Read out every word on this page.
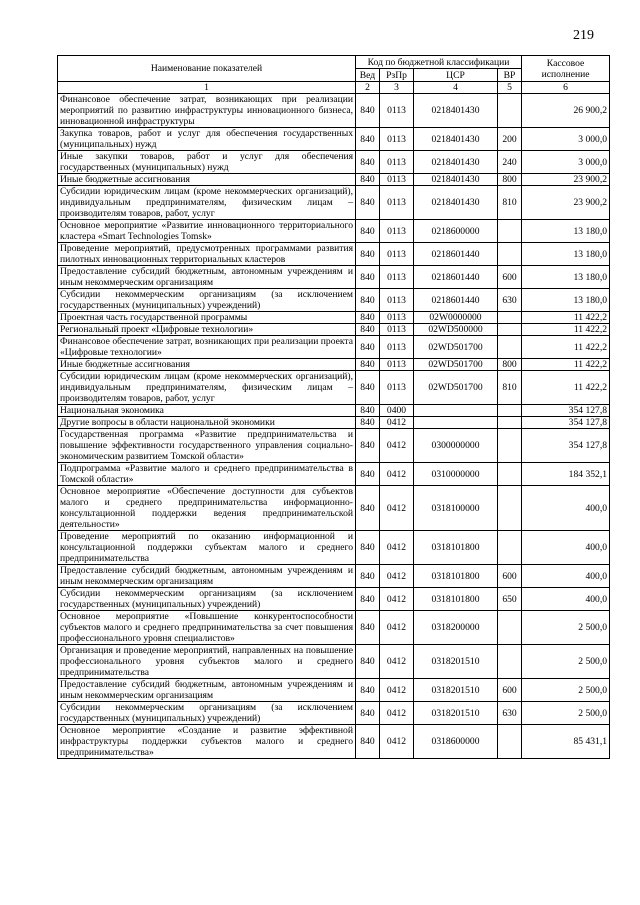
219
Наименование показателей	Код по бюджетной классификации				Кассовое исполнение
	Вед	РзПр	ЦСР	ВР	
1	2	3	4	5	6
Финансовое обеспечение затрат, возникающих при реализации мероприятий по развитию инфраструктуры инновационного бизнеса, инновационной инфраструктуры	840	0113	0218401430		26 900,2
Закупка товаров, работ и услуг для обеспечения государственных (муниципальных) нужд	840	0113	0218401430	200	3 000,0
Иные закупки товаров, работ и услуг для обеспечения государственных (муниципальных) нужд	840	0113	0218401430	240	3 000,0
Иные бюджетные ассигнования	840	0113	0218401430	800	23 900,2
Субсидии юридическим лицам (кроме некоммерческих организаций), индивидуальным предпринимателям, физическим лицам – производителям товаров, работ, услуг	840	0113	0218401430	810	23 900,2
Основное мероприятие «Развитие инновационного территориального кластера «Smart Technologies Tomsk»	840	0113	0218600000		13 180,0
Проведение мероприятий, предусмотренных программами развития пилотных инновационных территориальных кластеров	840	0113	0218601440		13 180,0
Предоставление субсидий бюджетным, автономным учреждениям и иным некоммерческим организациям	840	0113	0218601440	600	13 180,0
Субсидии некоммерческим организациям (за исключением государственных (муниципальных) учреждений)	840	0113	0218601440	630	13 180,0
Проектная часть государственной программы	840	0113	02W0000000		11 422,2
Региональный проект «Цифровые технологии»	840	0113	02WD500000		11 422,2
Финансовое обеспечение затрат, возникающих при реализации проекта «Цифровые технологии»	840	0113	02WD501700		11 422,2
Иные бюджетные ассигнования	840	0113	02WD501700	800	11 422,2
Субсидии юридическим лицам (кроме некоммерческих организаций), индивидуальным предпринимателям, физическим лицам – производителям товаров, работ, услуг	840	0113	02WD501700	810	11 422,2
Национальная экономика	840	0400			354 127,8
Другие вопросы в области национальной экономики	840	0412			354 127,8
Государственная программа «Развитие предпринимательства и повышение эффективности государственного управления социально-экономическим развитием Томской области»	840	0412	0300000000		354 127,8
Подпрограмма «Развитие малого и среднего предпринимательства в Томской области»	840	0412	0310000000		184 352,1
Основное мероприятие «Обеспечение доступности для субъектов малого и среднего предпринимательства информационно-консультационной поддержки ведения предпринимательской деятельности»	840	0412	0318100000		400,0
Проведение мероприятий по оказанию информационной и консультационной поддержки субъектам малого и среднего предпринимательства	840	0412	0318101800		400,0
Предоставление субсидий бюджетным, автономным учреждениям и иным некоммерческим организациям	840	0412	0318101800	600	400,0
Субсидии некоммерческим организациям (за исключением государственных (муниципальных) учреждений)	840	0412	0318101800	650	400,0
Основное мероприятие «Повышение конкурентоспособности субъектов малого и среднего предпринимательства за счет повышения профессионального уровня специалистов»	840	0412	0318200000		2 500,0
Организация и проведение мероприятий, направленных на повышение профессионального уровня субъектов малого и среднего предпринимательства	840	0412	0318201510		2 500,0
Предоставление субсидий бюджетным, автономным учреждениям и иным некоммерческим организациям	840	0412	0318201510	600	2 500,0
Субсидии некоммерческим организациям (за исключением государственных (муниципальных) учреждений)	840	0412	0318201510	630	2 500,0
Основное мероприятие «Создание и развитие эффективной инфраструктуры поддержки субъектов малого и среднего предпринимательства»	840	0412	0318600000		85 431,1
